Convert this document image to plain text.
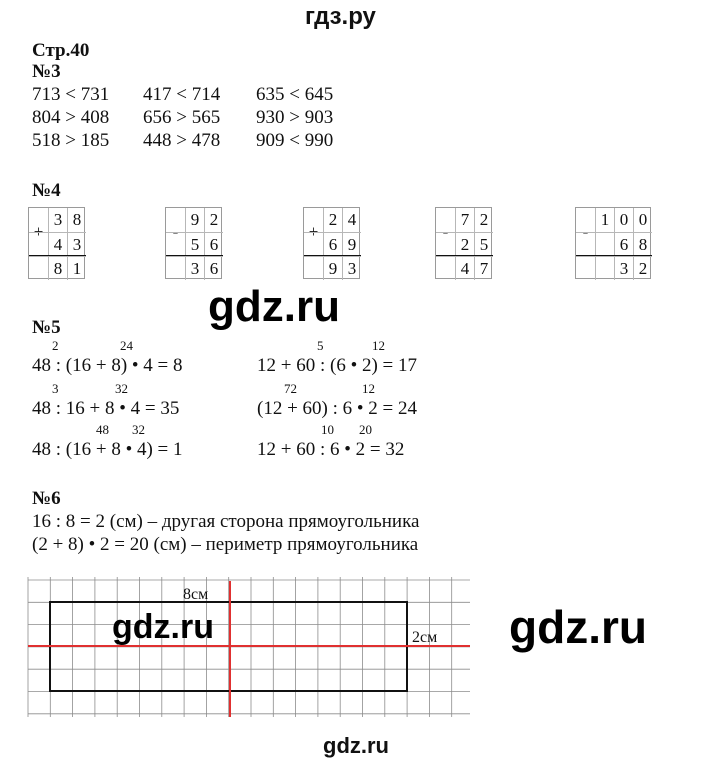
гдз.ру
Стр.40
№3
713 < 731 417 < 714 635 < 645
804 > 408 656 > 565 930 > 903
518 > 185 448 > 478 909 < 990
№4
+
3 8
4 3
8 1
-
9 2
5 6
3 6
+
2 4
6 9
9 3
-
7 2
2 5
4 7
-
1 0 0
6 8
3 2
gdz.ru
№5
2	24
48 : (16 + 8) • 4 = 8
3	32
48 : 16 + 8 • 4 = 35
48 32
48 : (16 + 8 • 4) = 1
5	12
12 + 60 : (6 • 2) = 17
72	12
(12 + 60) : 6 • 2 = 24
10 20
12 + 60 : 6 • 2 = 32
№6
16 : 8 = 2 (см) – другая сторона прямоугольника
(2 + 8) • 2 = 20 (см) – периметр прямоугольника
8см
2см
gdz.ru	gdz.ru
gdz.ru
